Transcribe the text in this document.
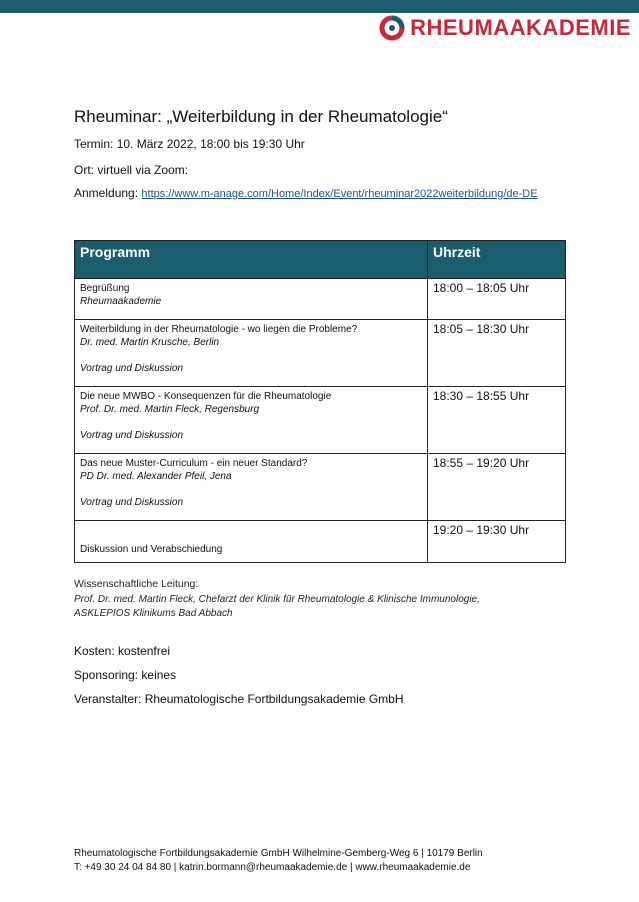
RHEUMAAKADEMIE
Rheuminar: „Weiterbildung in der Rheumatologie“
Termin: 10. März 2022, 18:00 bis 19:30 Uhr
Ort: virtuell via Zoom:
Anmeldung: https://www.m-anage.com/Home/Index/Event/rheuminar2022weiterbildung/de-DE
Programm	Uhrzeit

Begrüßung
Rheumaakademie	18:00 – 18:05 Uhr

Weiterbildung in der Rheumatologie - wo liegen die Probleme?
Dr. med. Martin Krusche, Berlin
Vortrag und Diskussion	18:05 – 18:30 Uhr

Die neue MWBO - Konsequenzen für die Rheumatologie
Prof. Dr. med. Martin Fleck, Regensburg
Vortrag und Diskussion	18:30 – 18:55 Uhr

Das neue Muster-Curriculum - ein neuer Standard?
PD Dr. med. Alexander Pfeil, Jena
Vortrag und Diskussion	18:55 – 19:20 Uhr

Diskussion und Verabschiedung	19:20 – 19:30 Uhr
Wissenschaftliche Leitung:
Prof. Dr. med. Martin Fleck, Chefarzt der Klinik für Rheumatologie & Klinische Immunologie,
ASKLEPIOS Klinikums Bad Abbach
Kosten: kostenfrei
Sponsoring: keines
Veranstalter: Rheumatologische Fortbildungsakademie GmbH
Rheumatologische Fortbildungsakademie GmbH Wilhelmine-Gemberg-Weg 6 | 10179 Berlin
T: +49 30 24 04 84 80 | katrin.bormann@rheumaakademie.de | www.rheumaakademie.de
